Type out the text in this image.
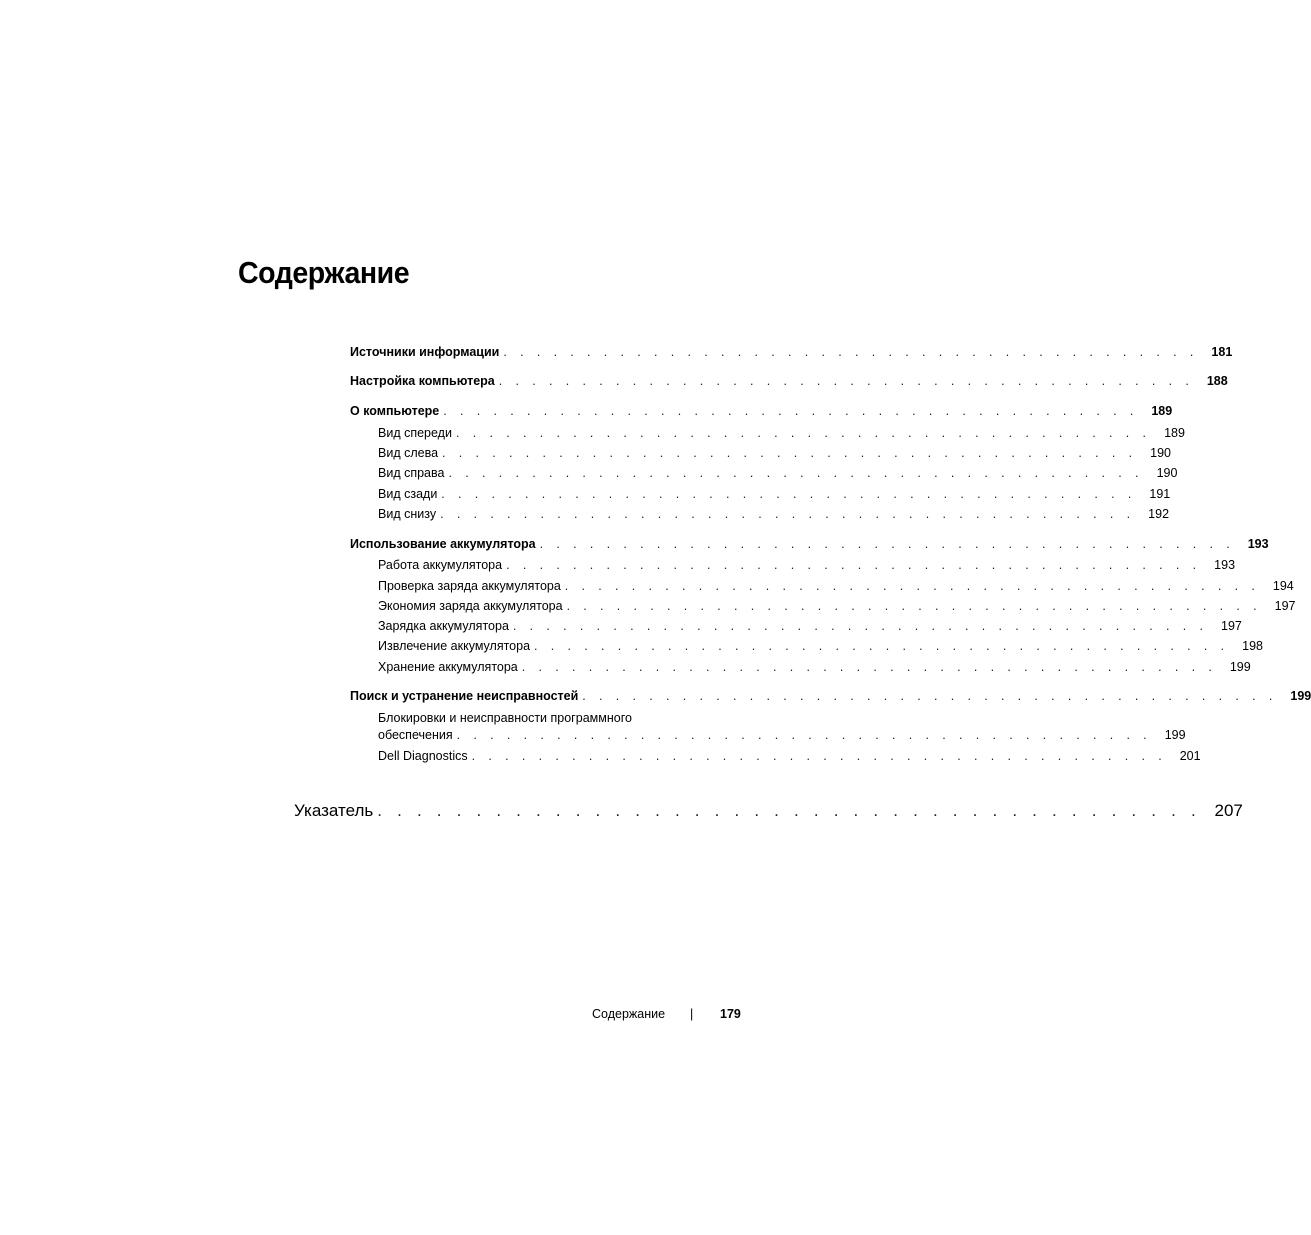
Содержание
Источники информации . . . . . . . . . . . . . . . . . . . . . . . . . . . . . . . . . . . . . . . . . . 181
Настройка компьютера . . . . . . . . . . . . . . . . . . . . . . . . . . . . . . . . . . . . . . . . . . 188
О компьютере . . . . . . . . . . . . . . . . . . . . . . . . . . . . . . . . . . . . . . . . . . 189
Вид спереди . . . . . . . . . . . . . . . . . . . . . . . . . . . . . . . . . . . . . . . . . . 189
Вид слева . . . . . . . . . . . . . . . . . . . . . . . . . . . . . . . . . . . . . . . . . . 190
Вид справа . . . . . . . . . . . . . . . . . . . . . . . . . . . . . . . . . . . . . . . . . . 190
Вид сзади . . . . . . . . . . . . . . . . . . . . . . . . . . . . . . . . . . . . . . . . . . 191
Вид снизу . . . . . . . . . . . . . . . . . . . . . . . . . . . . . . . . . . . . . . . . . . 192
Использование аккумулятора . . . . . . . . . . . . . . . . . . . . . . . . . . . . . . . . . . . . . . . . . . 193
Работа аккумулятора . . . . . . . . . . . . . . . . . . . . . . . . . . . . . . . . . . . . . . . . . . 193
Проверка заряда аккумулятора . . . . . . . . . . . . . . . . . . . . . . . . . . . . . . . . . . . . . . . . . . 194
Экономия заряда аккумулятора . . . . . . . . . . . . . . . . . . . . . . . . . . . . . . . . . . . . . . . . . . 197
Зарядка аккумулятора . . . . . . . . . . . . . . . . . . . . . . . . . . . . . . . . . . . . . . . . . . 197
Извлечение аккумулятора . . . . . . . . . . . . . . . . . . . . . . . . . . . . . . . . . . . . . . . . . . 198
Хранение аккумулятора . . . . . . . . . . . . . . . . . . . . . . . . . . . . . . . . . . . . . . . . . . 199
Поиск и устранение неисправностей . . . . . . . . . . . . . . . . . . . . . . . . . . . . . . . . . . . . . . . . . . 199
Блокировки и неисправности программного
обеспечения . . . . . . . . . . . . . . . . . . . . . . . . . . . . . . . . . . . . . . . . . . 199
Dell Diagnostics . . . . . . . . . . . . . . . . . . . . . . . . . . . . . . . . . . . . . . . . . . 201
Указатель . . . . . . . . . . . . . . . . . . . . . . . . . . . . . . . . . . . . . . . . . . 207
Содержание | 179
